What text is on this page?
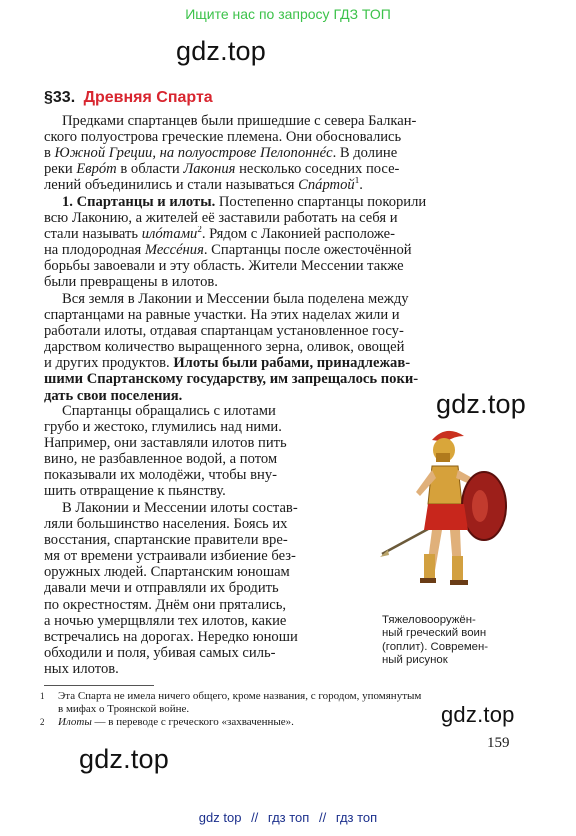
Ищите нас по запросу ГДЗ ТОП
gdz.top
§33. Древняя Спарта
Предками спартанцев были пришедшие с севера Балкан-
ского полуострова греческие племена. Они обосновались
в Южной Греции, на полуострове Пелопоннéс. В долине
реки Еврóт в области Лакония несколько соседних посе-
лений объединились и стали называться Спáртой$^1$.
1. Спартанцы и илоты. Постепенно спартанцы покорили
всю Лаконию, а жителей её заставили работать на себя и
стали называть илóтами$^2$. Рядом с Лаконией расположе-
на плодородная Мессéния. Спартанцы после ожесточённой
борьбы завоевали и эту область. Жители Мессении также
были превращены в илотов.
Вся земля в Лаконии и Мессении была поделена между
спартанцами на равные участки. На этих наделах жили и
работали илоты, отдавая спартанцам установленное госу-
дарством количество выращенного зерна, оливок, овощей
и других продуктов. Илоты были рабами, принадлежав-
шими Спартанскому государству, им запрещалось поки-
дать свои поселения.	gdz.top
Спартанцы обращались с илотами
грубо и жестоко, глумились над ними.
Например, они заставляли илотов пить
вино, не разбавленное водой, а потом
показывали их молодёжи, чтобы вну-
шить отвращение к пьянству.
В Лаконии и Мессении илоты состав-
ляли большинство населения. Боясь их
восстания, спартанские правители вре-
мя от времени устраивали избиение без-
оружных людей. Спартанским юношам
давали мечи и отправляли их бродить
по окрестностям. Днём они прятались,
а ночью умерщвляли тех илотов, какие
встречались на дорогах. Нередко юноши
обходили и поля, убивая самых силь-
ных илотов.
Тяжеловооружён-
ный греческий воин
(гоплит). Современ-
ный рисунок
1 Эта Спарта не имела ничего общего, кроме названия, с городом, упомянутым
в мифах о Троянской войне.
2 Илоты — в переводе с греческого «захваченные».	gdz.top
159
gdz.top
gdz top // гдз топ // гдз топ
